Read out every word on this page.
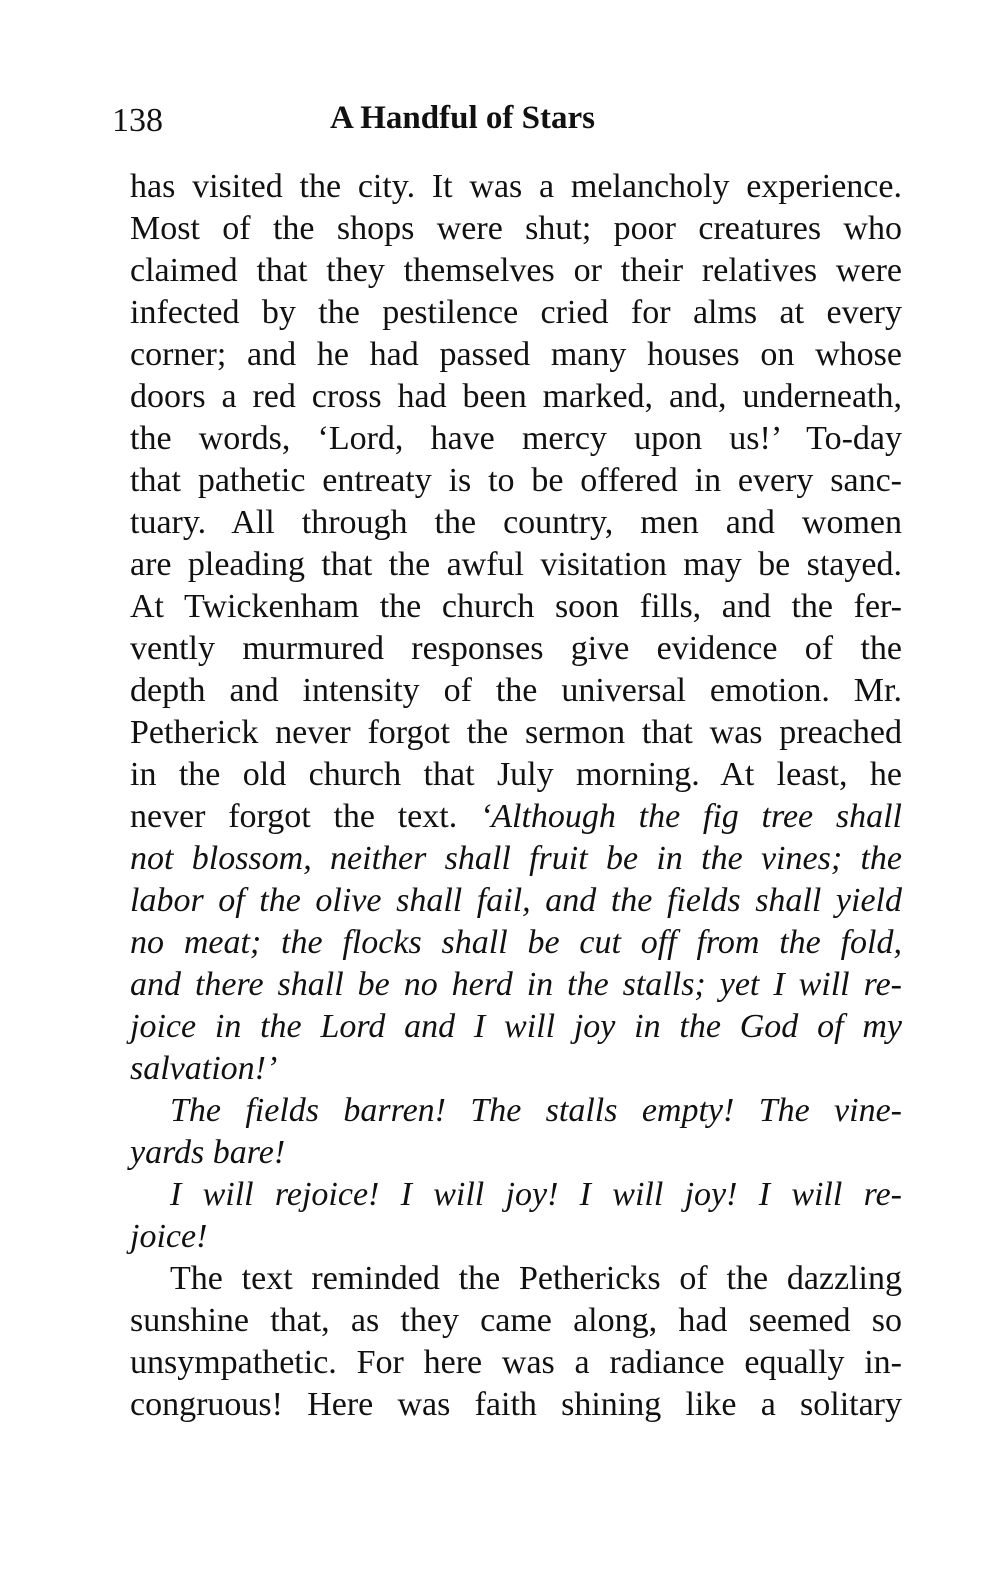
138	A Handful of Stars

has visited the city. It was a melancholy experience.
Most of the shops were shut; poor creatures who
claimed that they themselves or their relatives were
infected by the pestilence cried for alms at every
corner; and he had passed many houses on whose
doors a red cross had been marked, and, underneath,
the words, ‘Lord, have mercy upon us!’ To-day
that pathetic entreaty is to be offered in every sanc-
tuary. All through the country, men and women
are pleading that the awful visitation may be stayed.
At Twickenham the church soon fills, and the fer-
vently murmured responses give evidence of the
depth and intensity of the universal emotion. Mr.
Petherick never forgot the sermon that was preached
in the old church that July morning. At least, he
never forgot the text. ‘Although the fig tree shall
not blossom, neither shall fruit be in the vines; the
labor of the olive shall fail, and the fields shall yield
no meat; the flocks shall be cut off from the fold,
and there shall be no herd in the stalls; yet I will re-
joice in the Lord and I will joy in the God of my
salvation!’

The fields barren! The stalls empty! The vine-
yards bare!

I will rejoice! I will joy! I will joy! I will re-
joice!

The text reminded the Pethericks of the dazzling
sunshine that, as they came along, had seemed so
unsympathetic. For here was a radiance equally in-
congruous! Here was faith shining like a solitary
